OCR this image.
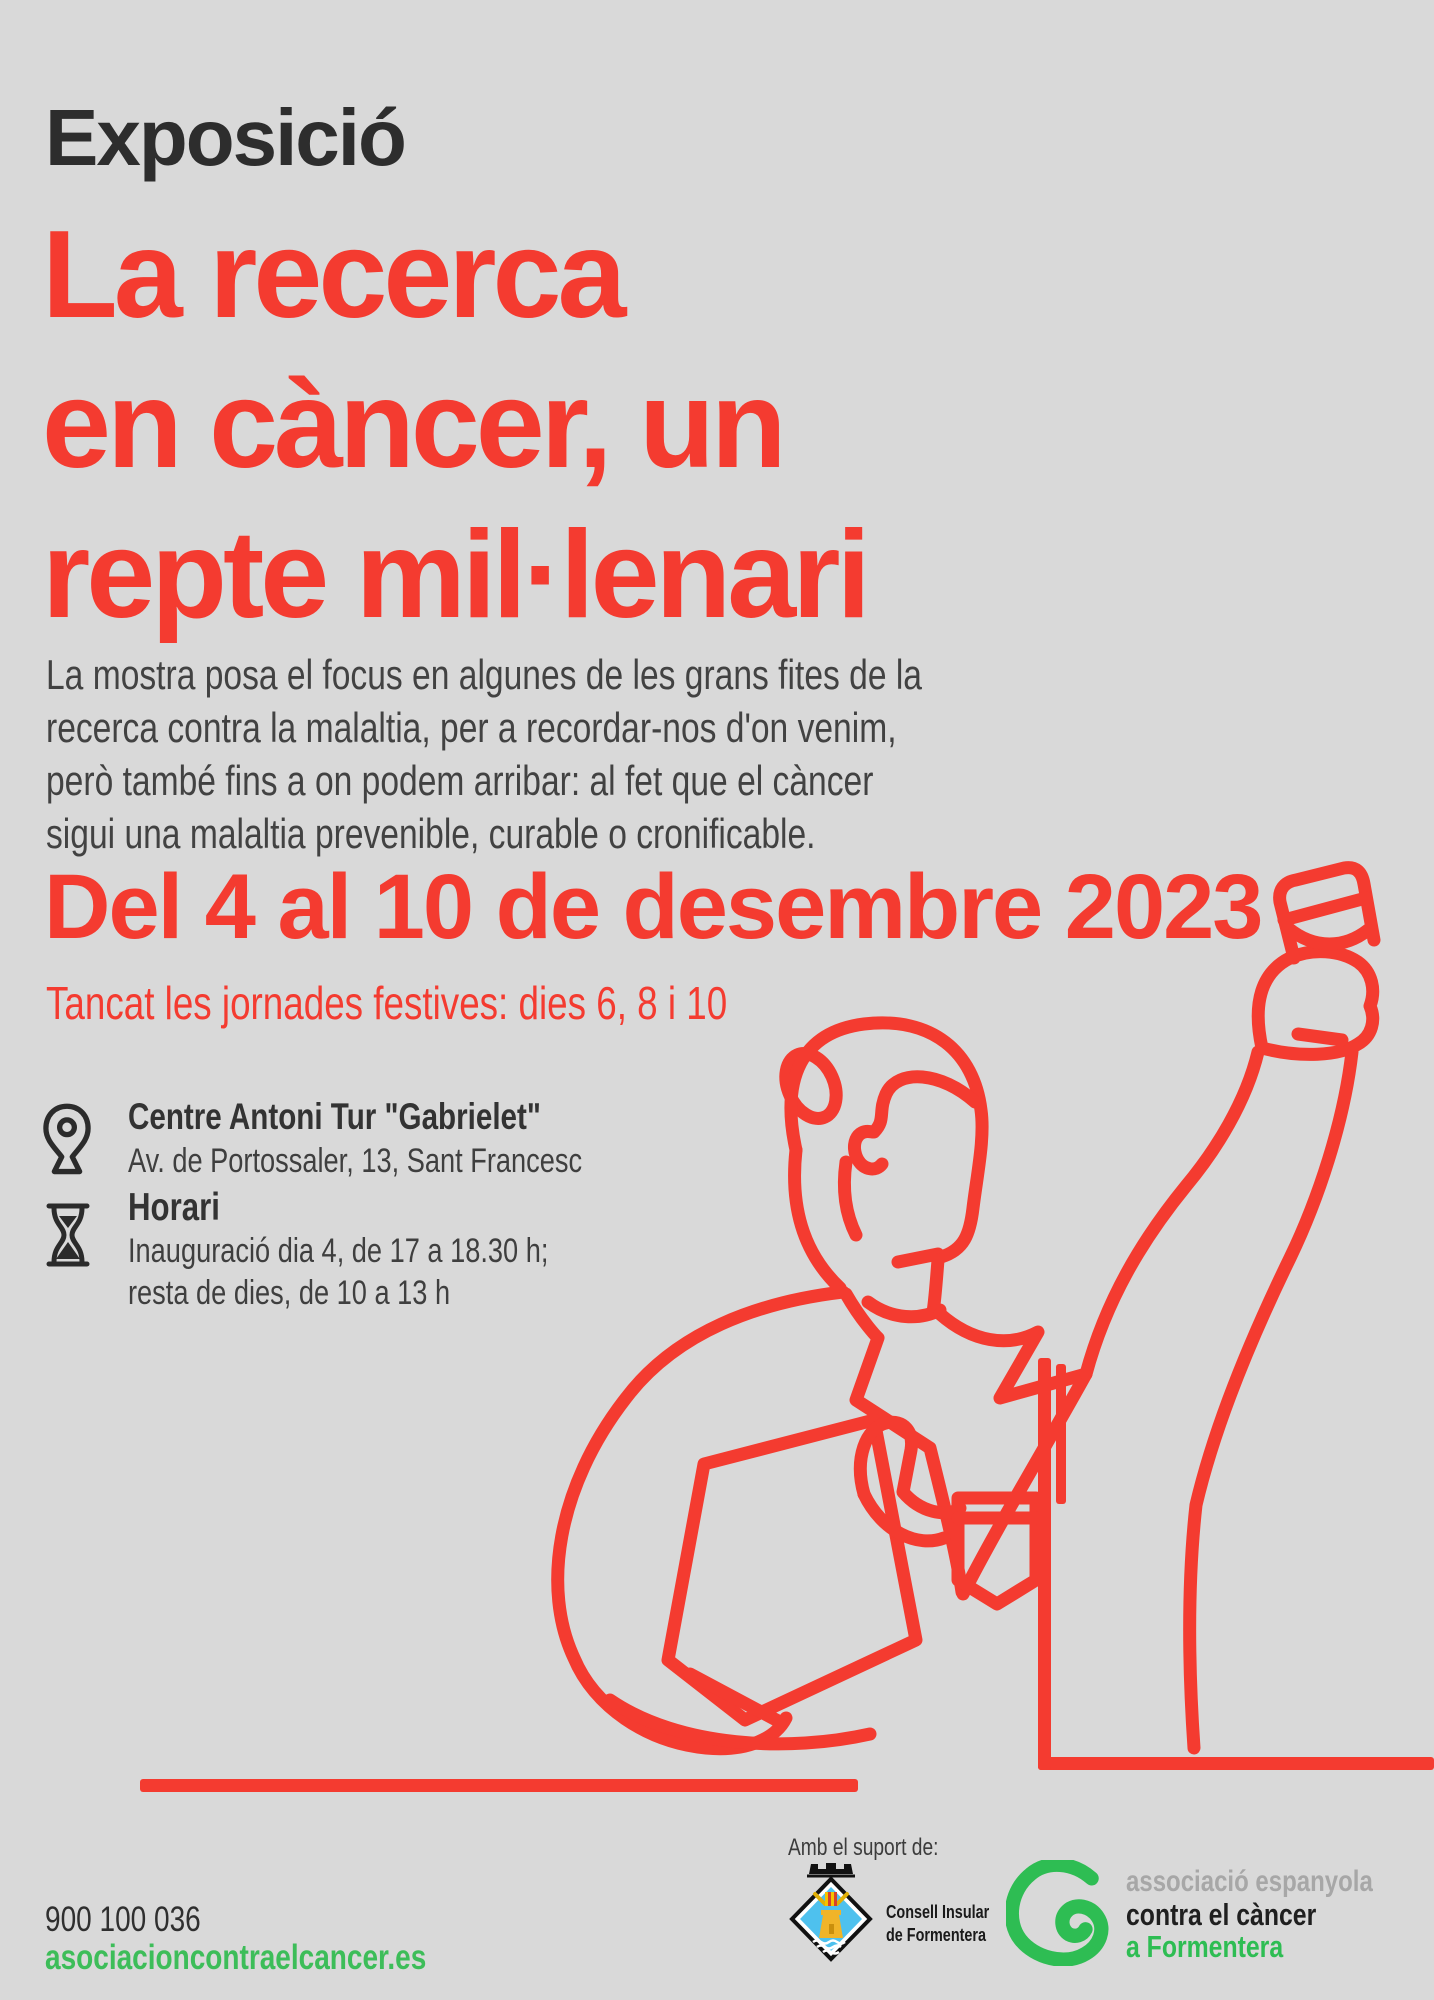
Exposició
La recerca
en càncer, un
repte mil·lenari
La mostra posa el focus en algunes de les grans fites de la
recerca contra la malaltia, per a recordar-nos d'on venim,
però també fins a on podem arribar: al fet que el càncer
sigui una malaltia prevenible, curable o cronificable.
Del 4 al 10 de desembre 2023
Tancat les jornades festives: dies 6, 8 i 10
Centre Antoni Tur "Gabrielet"
Av. de Portossaler, 13, Sant Francesc
Horari
Inauguració dia 4, de 17 a 18.30 h;
resta de dies, de 10 a 13 h
Amb el suport de:
Consell Insular
de Formentera
associació espanyola
contra el càncer
a Formentera
900 100 036
asociacioncontraelcancer.es
